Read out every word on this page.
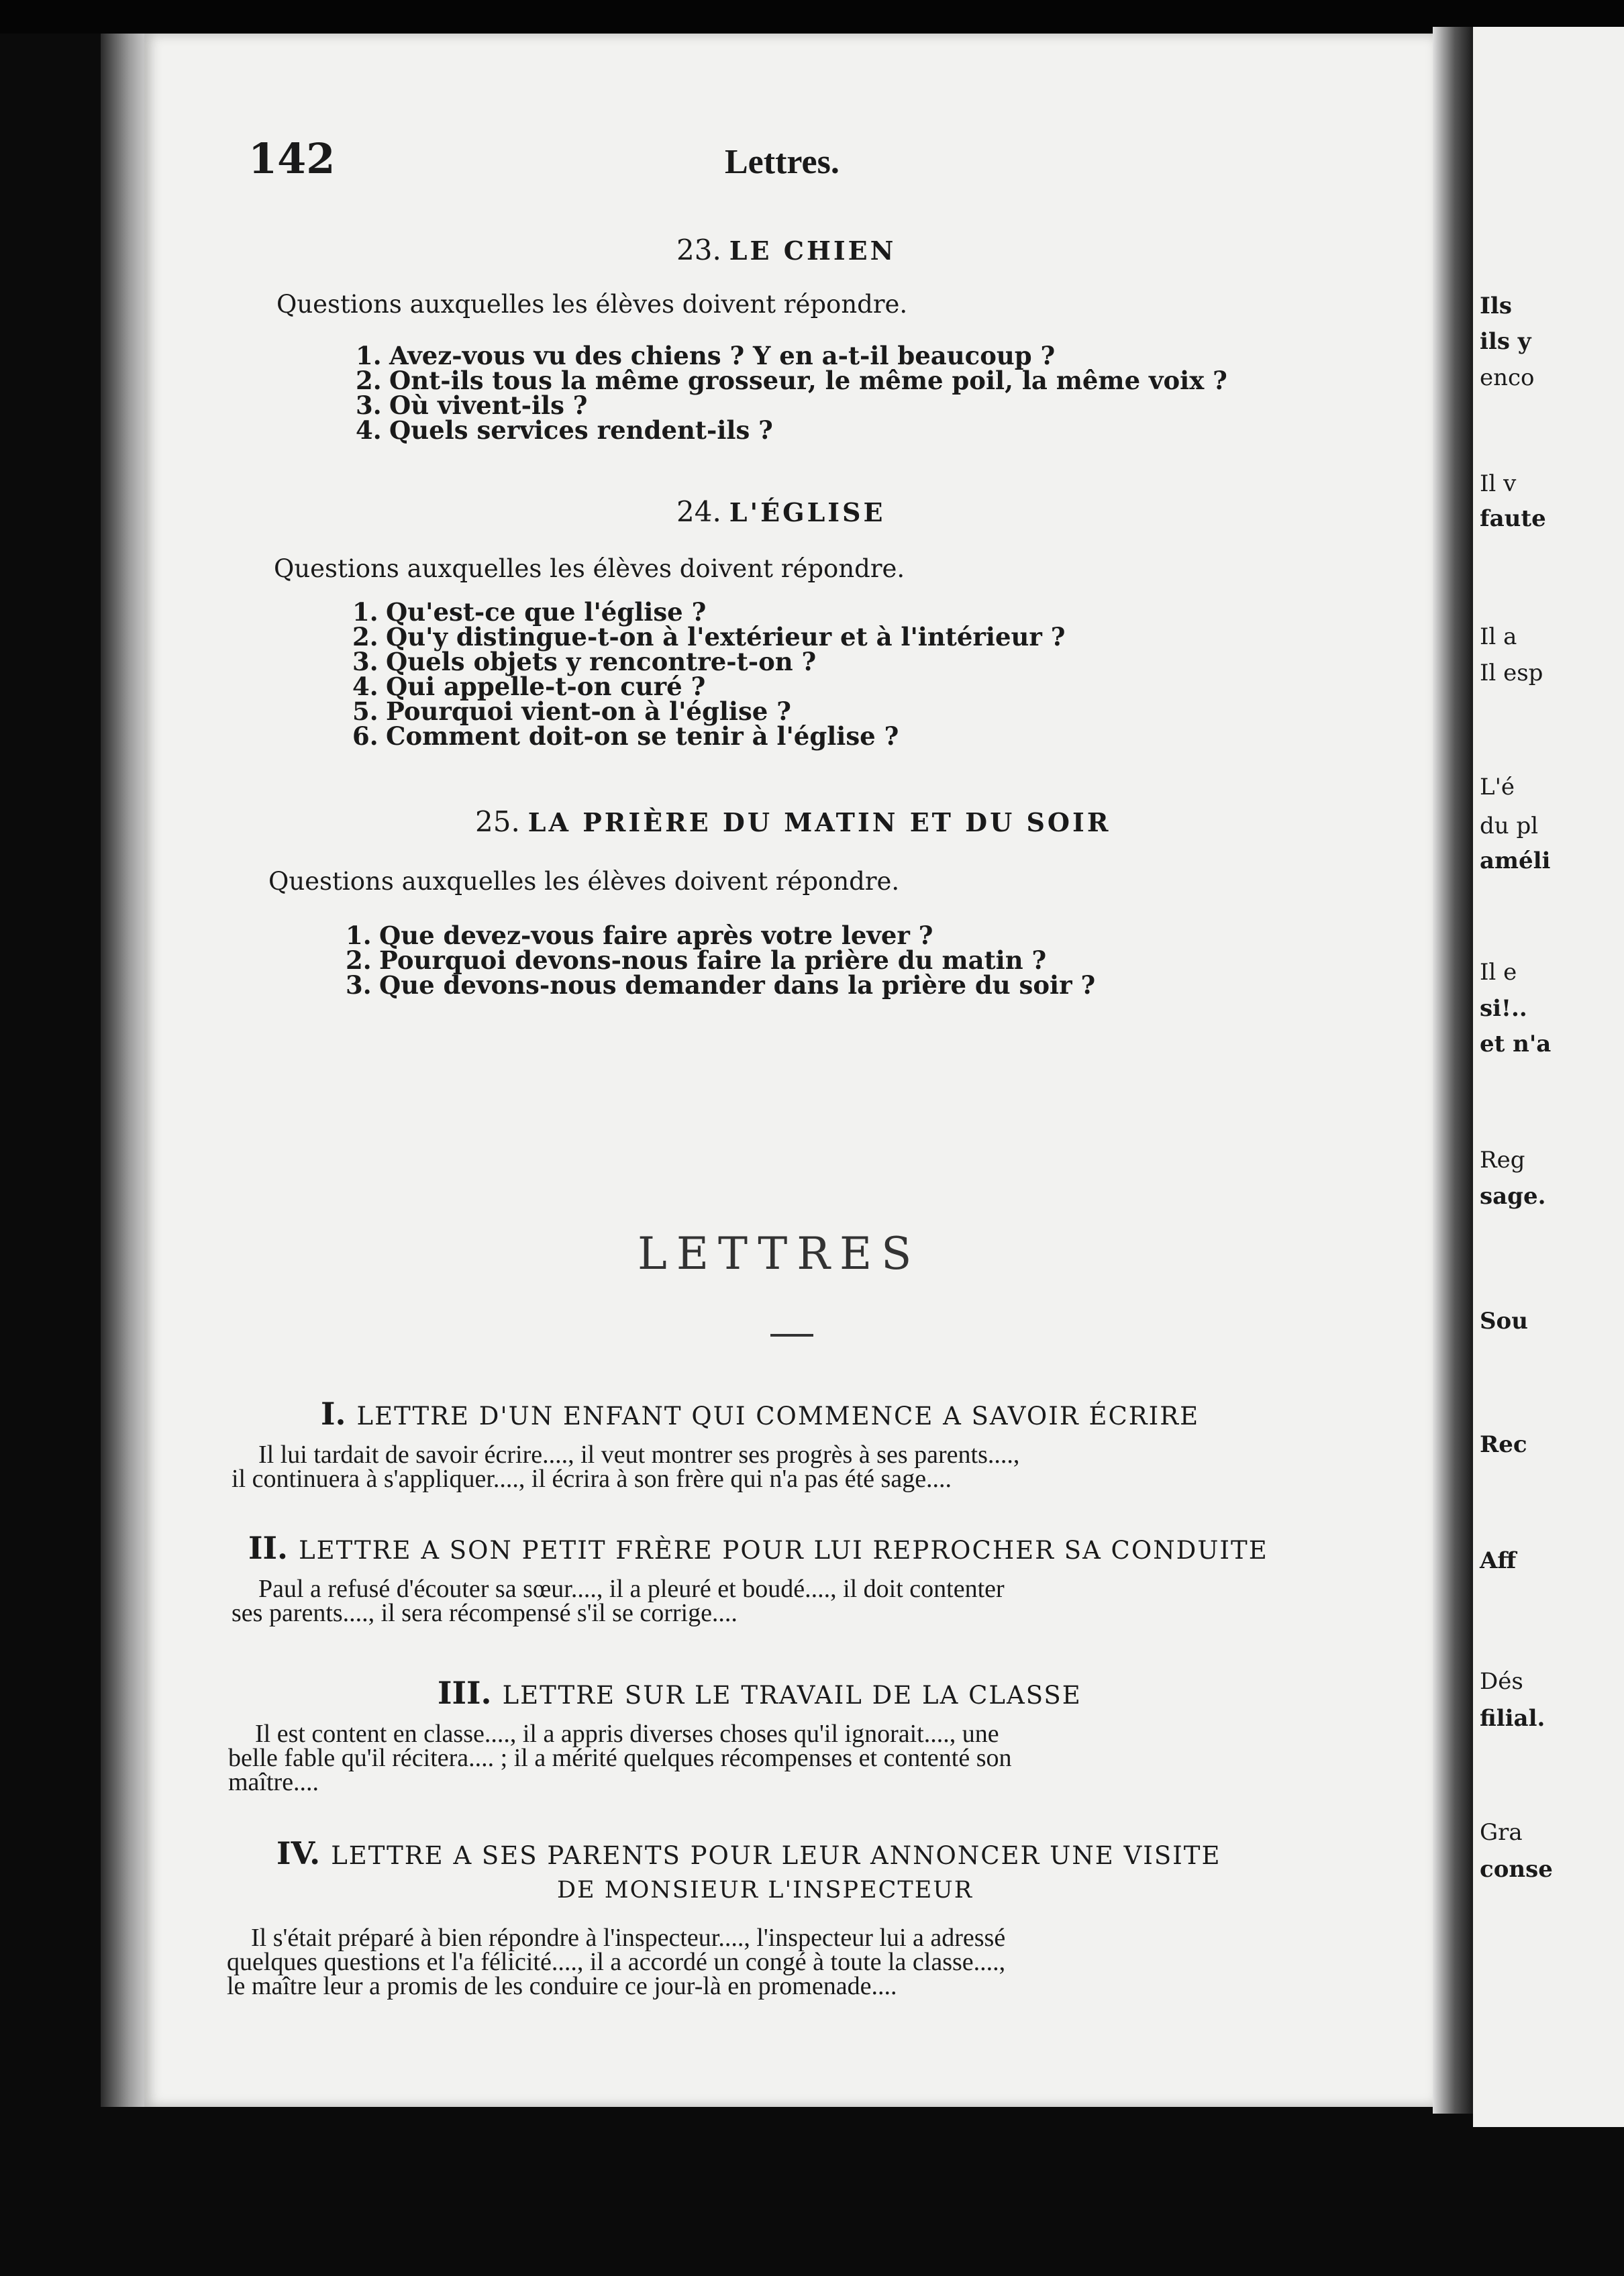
142	Lettres.
23. LE CHIEN
Questions auxquelles les élèves doivent répondre.
1. Avez-vous vu des chiens ? Y en a-t-il beaucoup ?
2. Ont-ils tous la même grosseur, le même poil, la même voix ?
3. Où vivent-ils ?
4. Quels services rendent-ils ?
24. L'ÉGLISE
Questions auxquelles les élèves doivent répondre.
1. Qu'est-ce que l'église ?
2. Qu'y distingue-t-on à l'extérieur et à l'intérieur ?
3. Quels objets y rencontre-t-on ?
4. Qui appelle-t-on curé ?
5. Pourquoi vient-on à l'église ?
6. Comment doit-on se tenir à l'église ?
25. LA PRIÈRE DU MATIN ET DU SOIR
Questions auxquelles les élèves doivent répondre.
1. Que devez-vous faire après votre lever ?
2. Pourquoi devons-nous faire la prière du matin ?
3. Que devons-nous demander dans la prière du soir ?
LETTRES
I. LETTRE D'UN ENFANT QUI COMMENCE A SAVOIR ÉCRIRE
Il lui tardait de savoir écrire...., il veut montrer ses progrès à ses parents....,
il continuera à s'appliquer...., il écrira à son frère qui n'a pas été sage....
II. LETTRE A SON PETIT FRÈRE POUR LUI REPROCHER SA CONDUITE
Paul a refusé d'écouter sa sœur...., il a pleuré et boudé...., il doit contenter
ses parents...., il sera récompensé s'il se corrige....
III. LETTRE SUR LE TRAVAIL DE LA CLASSE
Il est content en classe...., il a appris diverses choses qu'il ignorait...., une
belle fable qu'il récitera.... ; il a mérité quelques récompenses et contenté son
maître....
IV. LETTRE A SES PARENTS POUR LEUR ANNONCER UNE VISITE
DE MONSIEUR L'INSPECTEUR
Il s'était préparé à bien répondre à l'inspecteur...., l'inspecteur lui a adressé
quelques questions et l'a félicité...., il a accordé un congé à toute la classe....,
le maître leur a promis de les conduire ce jour-là en promenade....
Ils
ils y
enco
Il v
faute
Il a
Il esp
L'é
du pl
améli
Il e
si!..
et n'a
Reg
sage.
Sou
Rec
Aff
Dés
filial.
Gra
conse
